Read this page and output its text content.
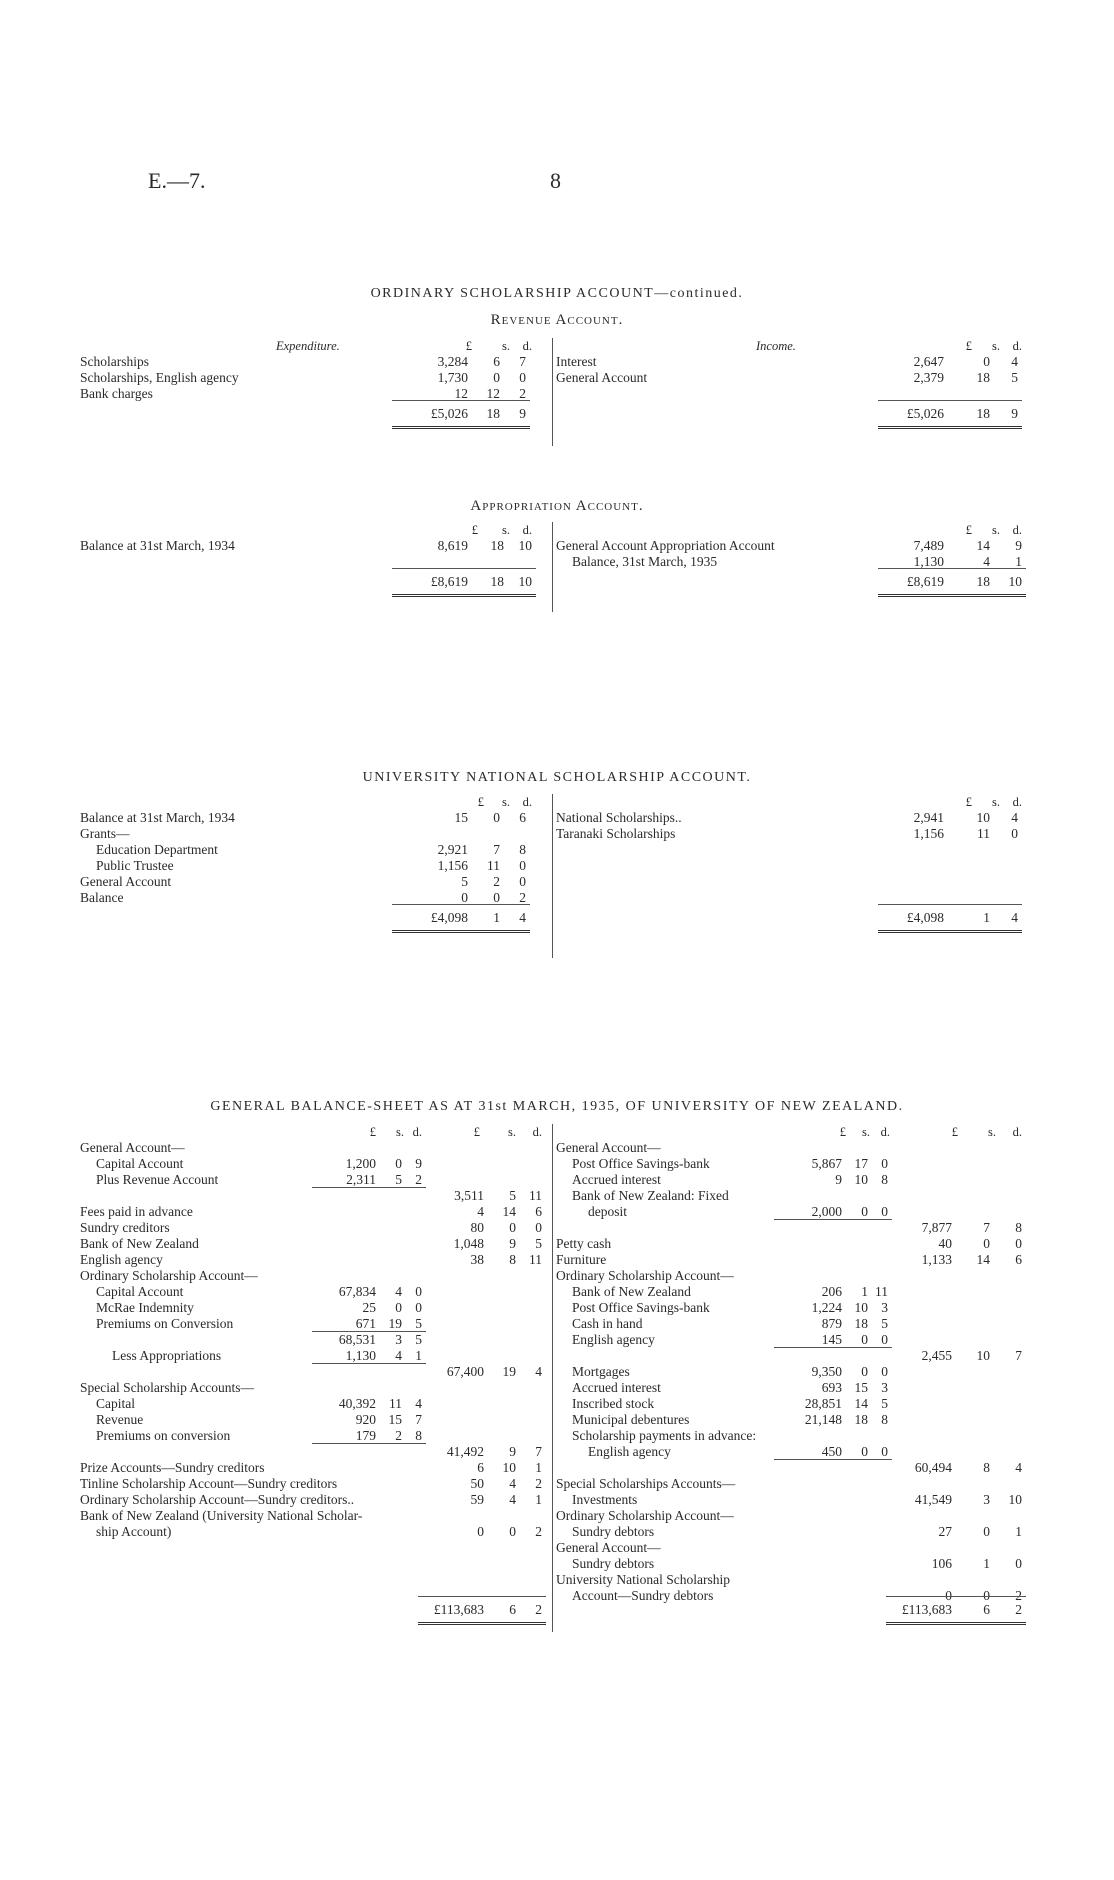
E.—7.	8
ORDINARY SCHOLARSHIP ACCOUNT—continued.
Revenue Account.
Expenditure.	£	s.	d.
Scholarships	3,284	6	7
Scholarships, English agency	1,730	0	0
Bank charges	12	12	2
£5,026	18	9
Income.	£	s.	d.
Interest	2,647	0	4
General Account	2,379	18	5
£5,026	18	9
Appropriation Account.
£	s.	d.
Balance at 31st March, 1934	8,619	18	10
£8,619	18	10
£	s.	d.
General Account Appropriation Account	7,489	14	9
Balance, 31st March, 1935	1,130	4	1
£8,619	18	10
UNIVERSITY NATIONAL SCHOLARSHIP ACCOUNT.
£	s.	d.
Balance at 31st March, 1934	15	0	6
Grants—
Education Department	2,921	7	8
Public Trustee	1,156	11	0
General Account	5	2	0
Balance	0	0	2
£4,098	1	4
£	s.	d.
National Scholarships..	2,941	10	4
Taranaki Scholarships	1,156	11	0
£4,098	1	4
GENERAL BALANCE-SHEET AS AT 31st MARCH, 1935, OF UNIVERSITY OF NEW ZEALAND.
£	s. d.	£	s.	d.
General Account—
Capital Account	1,200	0 9
Plus Revenue Account	2,311	5 2
3,511	5 11
Fees paid in advance	4	14	6
Sundry creditors	80	0	0
Bank of New Zealand	1,048	9	5
English agency	38	8 11
Ordinary Scholarship Account—
Capital Account	67,834	4 0
McRae Indemnity	25	0 0
Premiums on Conversion	671 19 5
68,531	3 5
Less Appropriations	1,130	4 1
67,400	19	4
Special Scholarship Accounts—
Capital	40,392 11 4
Revenue	920 15 7
Premiums on conversion	179	2 8
41,492	9	7
Prize Accounts—Sundry creditors	6	10	1
Tinline Scholarship Account—Sundry creditors	50	4	2
Ordinary Scholarship Account—Sundry creditors..	59	4	1
Bank of New Zealand (University National Scholar-
ship Account)	0	0	2
£113,683	6	2
£	s. d.	£	s.	d.
General Account—
Post Office Savings-bank	5,867 17 0
Accrued interest	9 10 8
Bank of New Zealand: Fixed
deposit	2,000	0 0
7,877	7	8
Petty cash	40	0	0
Furniture	1,133	14	6
Ordinary Scholarship Account—
Bank of New Zealand	206	1 11
Post Office Savings-bank	1,224 10 3
Cash in hand	879 18 5
English agency	145	0 0
2,455	10	7
Mortgages	9,350	0 0
Accrued interest	693 15 3
Inscribed stock	28,851 14 5
Municipal debentures	21,148 18 8
Scholarship payments in advance:
English agency	450	0 0
60,494	8	4
Special Scholarships Accounts—
Investments	41,549	3	10
Ordinary Scholarship Account—
Sundry debtors	27	0	1
General Account—
Sundry debtors	106	1	0
University National Scholarship
Account—Sundry debtors	0	0	2
£113,683	6	2
